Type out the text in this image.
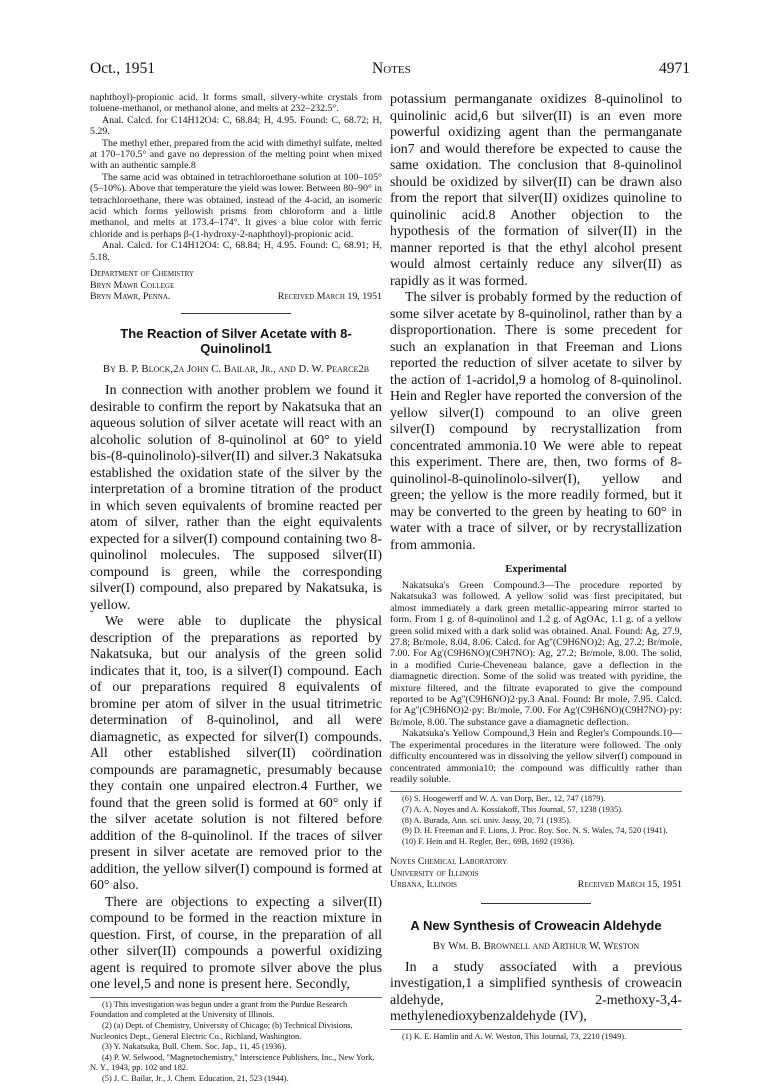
Oct., 1951	Notes	4971

naphthoyl)-propionic acid. It forms small, silvery-white crystals from toluene-methanol, or methanol alone, and melts at 232–232.5°.

Anal. Calcd. for C14H12O4: C, 68.84; H, 4.95. Found: C, 68.72; H, 5.29.

The methyl ether, prepared from the acid with dimethyl sulfate, melted at 170–170.5° and gave no depression of the melting point when mixed with an authentic sample.8

The same acid was obtained in tetrachloroethane solution at 100–105° (5–10%). Above that temperature the yield was lower. Between 80–90° in tetrachloroethane, there was obtained, instead of the 4-acid, an isomeric acid which forms yellowish prisms from chloroform and a little methanol, and melts at 173.4–174°. It gives a blue color with ferric chloride and is perhaps β-(1-hydroxy-2-naphthoyl)-propionic acid.

Anal. Calcd. for C14H12O4: C, 68.84; H, 4.95. Found: C, 68.91; H, 5.18.

Department of Chemistry

Bryn Mawr College

Bryn Mawr, Penna.	Received March 19, 1951

The Reaction of Silver Acetate with 8-Quinolinol1

By B. P. Block,2a John C. Bailar, Jr., and D. W. Pearce2b

In connection with another problem we found it desirable to confirm the report by Nakatsuka that an aqueous solution of silver acetate will react with an alcoholic solution of 8-quinolinol at 60° to yield bis-(8-quinolinolo)-silver(II) and silver.3 Nakatsuka established the oxidation state of the silver by the interpretation of a bromine titration of the product in which seven equivalents of bromine reacted per atom of silver, rather than the eight equivalents expected for a silver(I) compound containing two 8-quinolinol molecules. The supposed silver(II) compound is green, while the corresponding silver(I) compound, also prepared by Nakatsuka, is yellow.

We were able to duplicate the physical description of the preparations as reported by Nakatsuka, but our analysis of the green solid indicates that it, too, is a silver(I) compound. Each of our preparations required 8 equivalents of bromine per atom of silver in the usual titrimetric determination of 8-quinolinol, and all were diamagnetic, as expected for silver(I) compounds. All other established silver(II) coördination compounds are paramagnetic, presumably because they contain one unpaired electron.4 Further, we found that the green solid is formed at 60° only if the silver acetate solution is not filtered before addition of the 8-quinolinol. If the traces of silver present in silver acetate are removed prior to the addition, the yellow silver(I) compound is formed at 60° also.

There are objections to expecting a silver(II) compound to be formed in the reaction mixture in question. First, of course, in the preparation of all other silver(II) compounds a powerful oxidizing agent is required to promote silver above the plus one level,5 and none is present here. Secondly,

(1) This investigation was begun under a grant from the Purdue Research Foundation and completed at the University of Illinois.

(2) (a) Dept. of Chemistry, University of Chicago; (b) Technical Divisions, Nucleonics Dept., General Electric Co., Richland, Washington.

(3) Y. Nakatsuka, Bull. Chem. Soc. Jap., 11, 45 (1936).

(4) P. W. Selwood, "Magnetochemistry," Interscience Publishers, Inc., New York, N. Y., 1943, pp. 102 and 182.

(5) J. C. Bailar, Jr., J. Chem. Education, 21, 523 (1944).

potassium permanganate oxidizes 8-quinolinol to quinolinic acid,6 but silver(II) is an even more powerful oxidizing agent than the permanganate ion7 and would therefore be expected to cause the same oxidation. The conclusion that 8-quinolinol should be oxidized by silver(II) can be drawn also from the report that silver(II) oxidizes quinoline to quinolinic acid.8 Another objection to the hypothesis of the formation of silver(II) in the manner reported is that the ethyl alcohol present would almost certainly reduce any silver(II) as rapidly as it was formed.

The silver is probably formed by the reduction of some silver acetate by 8-quinolinol, rather than by a disproportionation. There is some precedent for such an explanation in that Freeman and Lions reported the reduction of silver acetate to silver by the action of 1-acridol,9 a homolog of 8-quinolinol. Hein and Regler have reported the conversion of the yellow silver(I) compound to an olive green silver(I) compound by recrystallization from concentrated ammonia.10 We were able to repeat this experiment. There are, then, two forms of 8-quinolinol-8-quinolinolo-silver(I), yellow and green; the yellow is the more readily formed, but it may be converted to the green by heating to 60° in water with a trace of silver, or by recrystallization from ammonia.

Experimental

Nakatsuka's Green Compound.3—The procedure reported by Nakatsuka3 was followed. A yellow solid was first precipitated, but almost immediately a dark green metallic-appearing mirror started to form. From 1 g. of 8-quinolinol and 1.2 g. of AgOAc, 1.1 g. of a yellow green solid mixed with a dark solid was obtained. Anal. Found: Ag, 27.9, 27.8; Br/mole, 8.04, 8.06. Calcd. for Ag''(C9H6NO)2: Ag, 27.2; Br/mole, 7.00. For Ag'(C9H6NO)(C9H7NO): Ag, 27.2; Br/mole, 8.00. The solid, in a modified Curie-Cheveneau balance, gave a deflection in the diamagnetic direction. Some of the solid was treated with pyridine, the mixture filtered, and the filtrate evaporated to give the compound reported to be Ag''(C9H6NO)2·py.3 Anal. Found: Br mole, 7.95. Calcd. for Ag''(C9H6NO)2·py: Br/mole, 7.00. For Ag'(C9H6NO)(C9H7NO)·py: Br/mole, 8.00. The substance gave a diamagnetic deflection.

Nakatsuka's Yellow Compound,3 Hein and Regler's Compounds.10—The experimental procedures in the literature were followed. The only difficulty encountered was in dissolving the yellow silver(I) compound in concentrated ammonia10; the compound was difficultly rather than readily soluble.

(6) S. Hoogewerff and W. A. van Dorp, Ber., 12, 747 (1879).

(7) A. A. Noyes and A. Kossiakoff, This Journal, 57, 1238 (1935).

(8) A. Burada, Ann. sci. univ. Jassy, 20, 71 (1935).

(9) D. H. Freeman and F. Lions, J. Proc. Roy. Soc. N. S. Wales, 74, 520 (1941).

(10) F. Hein and H. Regler, Ber., 69B, 1692 (1936).

Noyes Chemical Laboratory

University of Illinois

Urbana, Illinois	Received March 15, 1951

A New Synthesis of Croweacin Aldehyde

By Wm. B. Brownell and Arthur W. Weston

In a study associated with a previous investigation,1 a simplified synthesis of croweacin aldehyde, 2-methoxy-3,4-methylenedioxybenzaldehyde (IV),

(1) K. E. Hamlin and A. W. Weston, This Journal, 73, 2210 (1949).
